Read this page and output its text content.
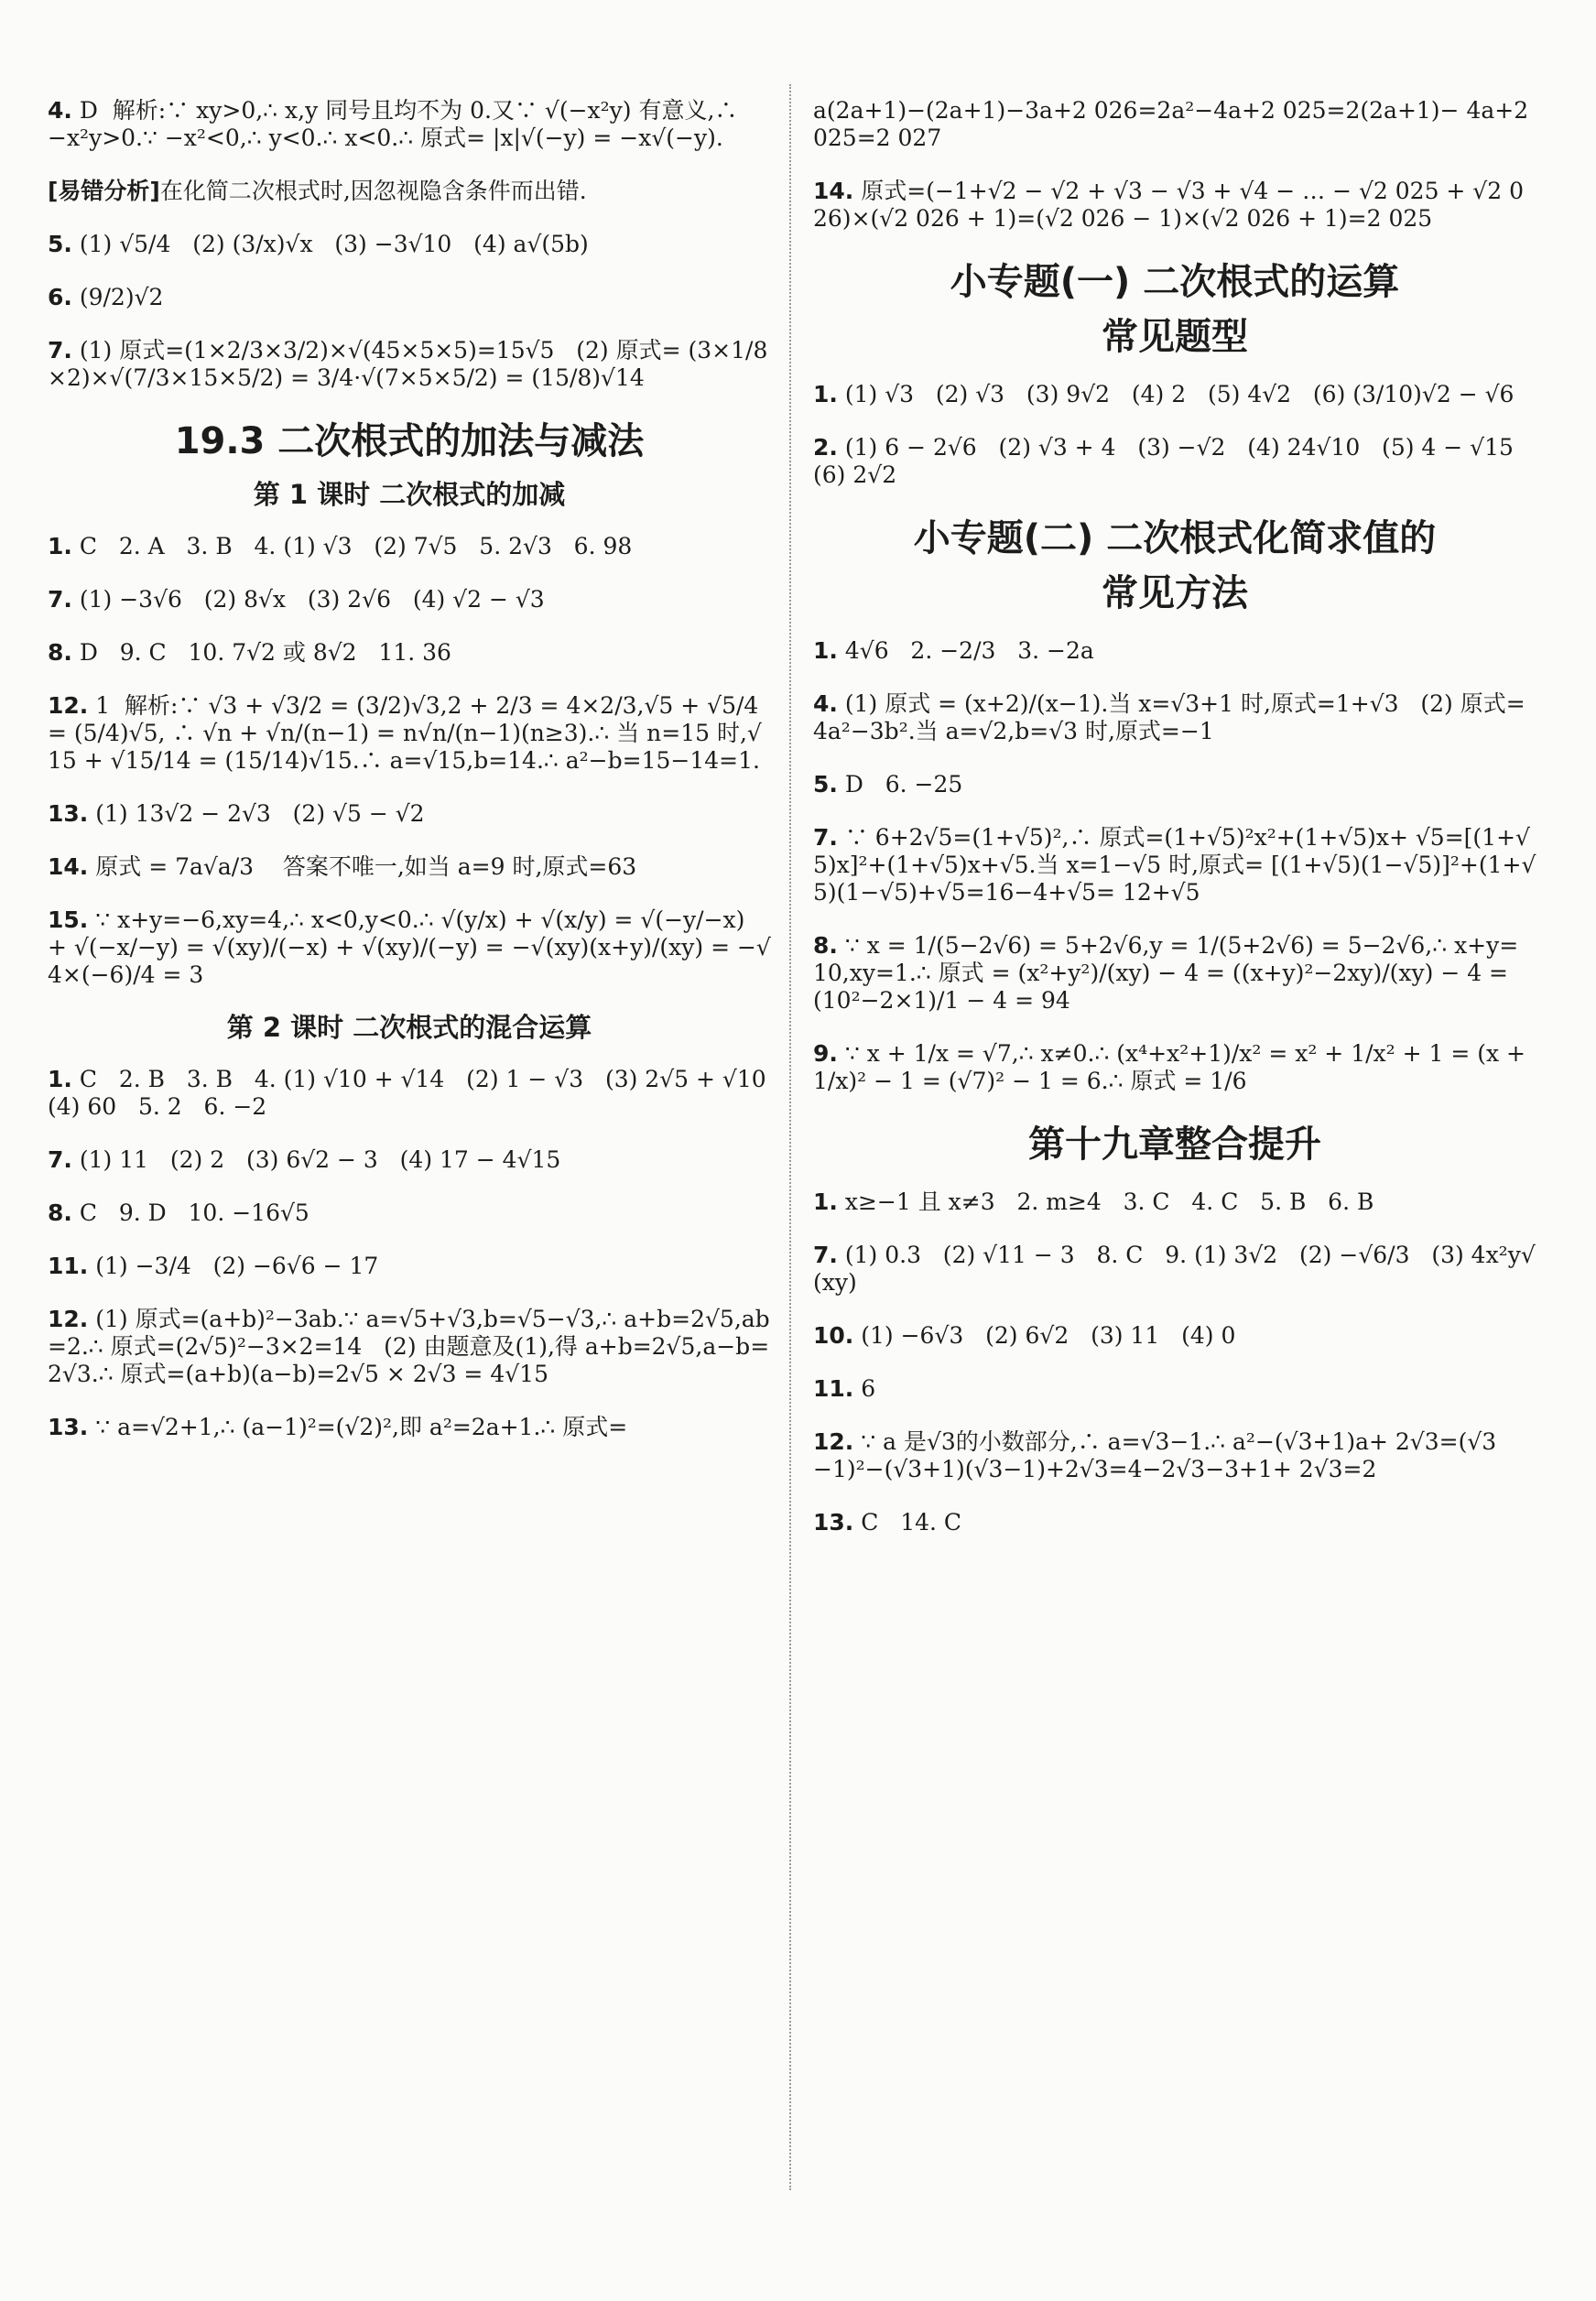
4. D  解析:∵ xy>0,∴ x,y 同号且均不为 0.又∵ √(−x²y) 有意义,∴ −x²y>0.∵ −x²<0,∴ y<0.∴ x<0.∴ 原式= |x|√(−y) = −x√(−y).
[易错分析]在化简二次根式时,因忽视隐含条件而出错.
5. (1) √5/4   (2) (3/x)√x   (3) −3√10   (4) a√(5b)
6. (9/2)√2
7. (1) 原式=(1×2/3×3/2)×√(45×5×5)=15√5   (2) 原式= (3×1/8×2)×√(7/3×15×5/2) = 3/4·√(7×5×5/2) = (15/8)√14
19.3 二次根式的加法与减法
第 1 课时 二次根式的加减
1. C   2. A   3. B   4. (1) √3   (2) 7√5   5. 2√3   6. 98
7. (1) −3√6   (2) 8√x   (3) 2√6   (4) √2 − √3
8. D   9. C   10. 7√2 或 8√2   11. 36
12. 1  解析:∵ √3 + √3/2 = (3/2)√3,2 + 2/3 = 4×2/3,√5 + √5/4 = (5/4)√5, ∴ √n + √n/(n−1) = n√n/(n−1)(n≥3).∴ 当 n=15 时,√15 + √15/14 = (15/14)√15.∴ a=√15,b=14.∴ a²−b=15−14=1.
13. (1) 13√2 − 2√3   (2) √5 − √2
14. 原式 = 7a√a/3    答案不唯一,如当 a=9 时,原式=63
15. ∵ x+y=−6,xy=4,∴ x<0,y<0.∴ √(y/x) + √(x/y) = √(−y/−x) + √(−x/−y) = √(xy)/(−x) + √(xy)/(−y) = −√(xy)(x+y)/(xy) = −√4×(−6)/4 = 3
第 2 课时 二次根式的混合运算
1. C   2. B   3. B   4. (1) √10 + √14   (2) 1 − √3   (3) 2√5 + √10   (4) 60   5. 2   6. −2
7. (1) 11   (2) 2   (3) 6√2 − 3   (4) 17 − 4√15
8. C   9. D   10. −16√5
11. (1) −3/4   (2) −6√6 − 17
12. (1) 原式=(a+b)²−3ab.∵ a=√5+√3,b=√5−√3,∴ a+b=2√5,ab=2.∴ 原式=(2√5)²−3×2=14   (2) 由题意及(1),得 a+b=2√5,a−b=2√3.∴ 原式=(a+b)(a−b)=2√5 × 2√3 = 4√15
13. ∵ a=√2+1,∴ (a−1)²=(√2)²,即 a²=2a+1.∴ 原式=
a(2a+1)−(2a+1)−3a+2 026=2a²−4a+2 025=2(2a+1)− 4a+2 025=2 027
14. 原式=(−1+√2 − √2 + √3 − √3 + √4 − … − √2 025 + √2 026)×(√2 026 + 1)=(√2 026 − 1)×(√2 026 + 1)=2 025
小专题(一) 二次根式的运算
常见题型
1. (1) √3   (2) √3   (3) 9√2   (4) 2   (5) 4√2   (6) (3/10)√2 − √6
2. (1) 6 − 2√6   (2) √3 + 4   (3) −√2   (4) 24√10   (5) 4 − √15   (6) 2√2
小专题(二) 二次根式化简求值的
常见方法
1. 4√6   2. −2/3   3. −2a
4. (1) 原式 = (x+2)/(x−1).当 x=√3+1 时,原式=1+√3   (2) 原式=4a²−3b².当 a=√2,b=√3 时,原式=−1
5. D   6. −25
7. ∵ 6+2√5=(1+√5)²,∴ 原式=(1+√5)²x²+(1+√5)x+ √5=[(1+√5)x]²+(1+√5)x+√5.当 x=1−√5 时,原式= [(1+√5)(1−√5)]²+(1+√5)(1−√5)+√5=16−4+√5= 12+√5
8. ∵ x = 1/(5−2√6) = 5+2√6,y = 1/(5+2√6) = 5−2√6,∴ x+y= 10,xy=1.∴ 原式 = (x²+y²)/(xy) − 4 = ((x+y)²−2xy)/(xy) − 4 = (10²−2×1)/1 − 4 = 94
9. ∵ x + 1/x = √7,∴ x≠0.∴ (x⁴+x²+1)/x² = x² + 1/x² + 1 = (x + 1/x)² − 1 = (√7)² − 1 = 6.∴ 原式 = 1/6
第十九章整合提升
1. x≥−1 且 x≠3   2. m≥4   3. C   4. C   5. B   6. B
7. (1) 0.3   (2) √11 − 3   8. C   9. (1) 3√2   (2) −√6/3   (3) 4x²y√(xy)
10. (1) −6√3   (2) 6√2   (3) 11   (4) 0
11. 6
12. ∵ a 是√3的小数部分,∴ a=√3−1.∴ a²−(√3+1)a+ 2√3=(√3−1)²−(√3+1)(√3−1)+2√3=4−2√3−3+1+ 2√3=2
13. C   14. C
